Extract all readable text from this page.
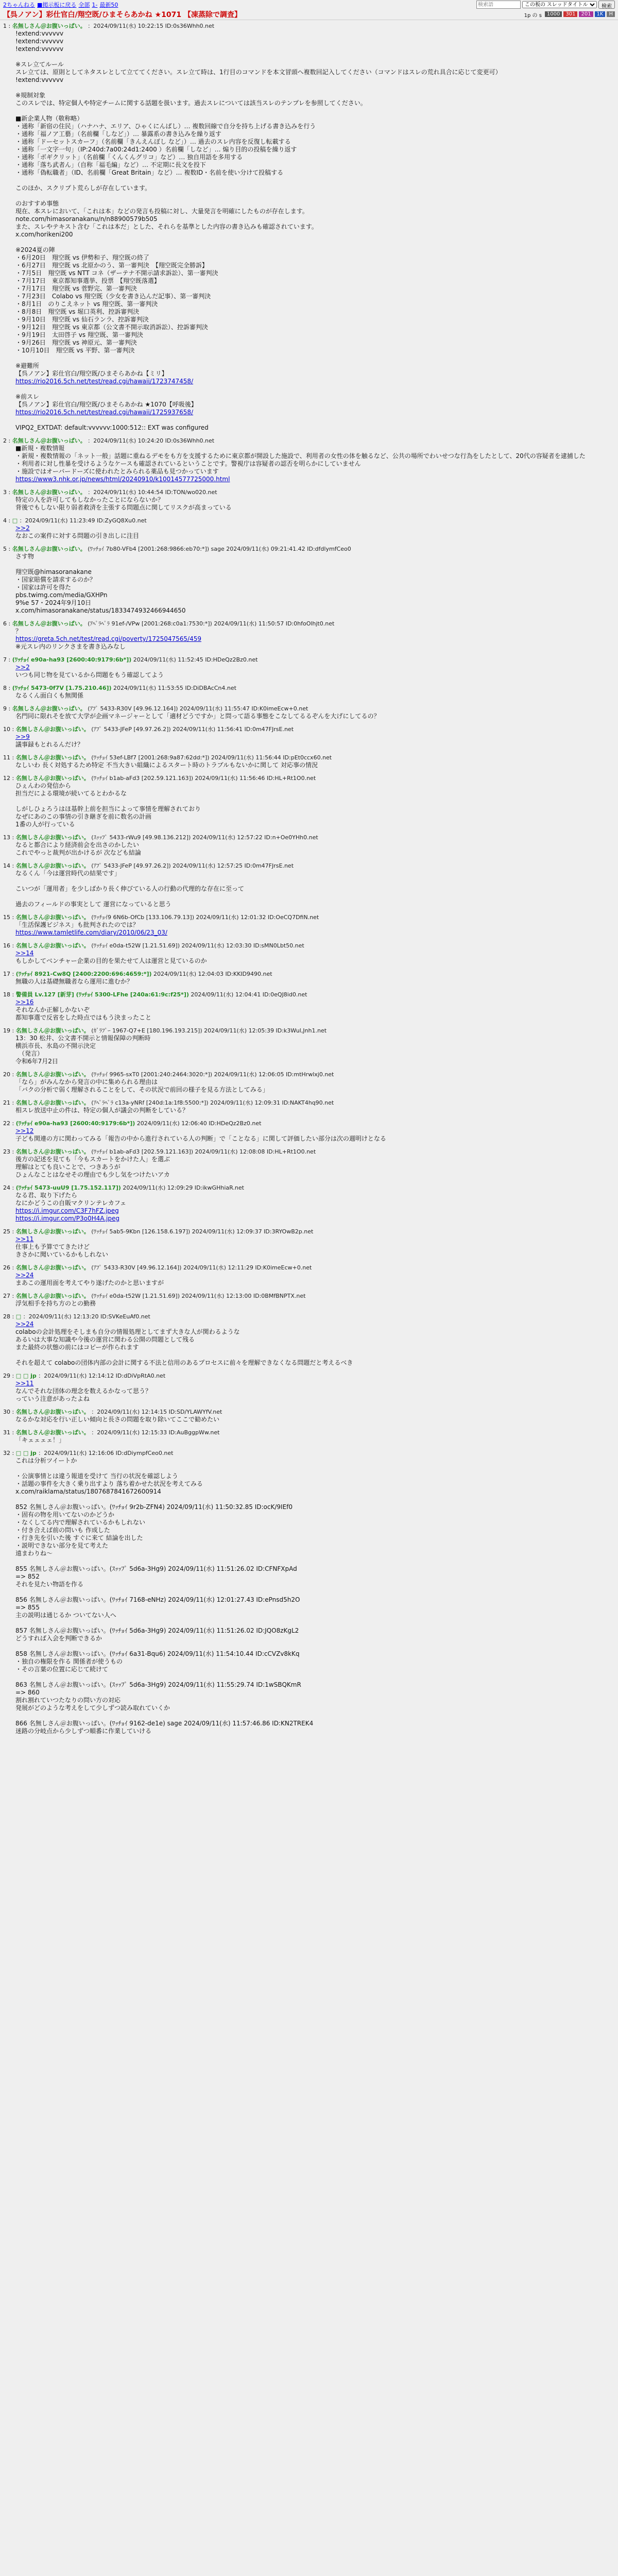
2ちゃんねる ■掲示板に戻る 全部 1- 最新50
検索語
この板の スレッドタイトル	検索
【呉ノアン】彩仕官白/翔空既/ひまそらあかね ★1071 【凍蒸除で調査】	1p の s	1000 301 201 1K H
1 : 名無しさん＠お腹いっぱい。 ：2024/09/11(水) 10:22:15 ID:0s36Whh0.net
!extend:vvvvvv
!extend:vvvvvv
!extend:vvvvvv

※スレ立てルール
スレ立ては、原則としてネタスレとして立ててください。スレ立て時は、1行目のコマンドを本文冒頭へ複数回記入してください（コマンドはスレの荒れ具合に応じて変更可）
!extend:vvvvvv

※規制対象
このスレでは、特定個人や特定チームに関する話題を扱います。過去スレについては該当スレのテンプレを参照してください。

■新企業人物（敬称略）
・通称「新宿の住民」（ハナハナ、エリア、ひゃくにんばし）… 複数回線で自分を持ち上げる書き込みを行う
・通称「福ノア工藝」（名前欄「しなど」）… 暴露系の書き込みを繰り返す
・通称「ドーセットスカーフ」（名前欄「きんえんぼし など」）… 過去のスレ内容を反復し転載する
・通称「一文字一句」（IP:240d:7a00:24d1:2400 ）名前欄「しなど」… 煽り目的の投稿を繰り返す
・通称「ボギクリット」（名前欄「くんくんグリコ」など）… 独自用語を多用する
・通称「落ち武者ん」（自称「福毛編」など）… 不定期に長文を投下
・通称「偽転職者」（ID、名前欄「Great Britain」など）… 複数ID・名前を使い分けて投稿する

このほか、スクリプト荒らしが存在しています。

のおすすめ事態
現在、本スレにおいて、「これは本」などの発言も投稿に対し、大量発言を明確にしたものが存在します。
note.com/himasoranakanu/n/n88900579b505
また、スレやテキスト含む「これは本だ」とした、それらを基準とした内容の書き込みも確認されています。
x.com/horikeni200

※2024夏の陣
・6月20日　翔空既 vs 伊勢和子、翔空既の終了
・6月27日　翔空既 vs 北原かのう、第一審判決　【翔空既完全勝訴】
・7月5日　翔空既 vs NTT コネ（ザーテナ不開示請求訴訟）、第一審判決
・7月17日　東京都知事選挙、投票　【翔空既落選】
・7月17日　翔空既 vs 菅野完、第一審判決
・7月23日　Colabo vs 翔空既（少女を書き込んだ記事）、第一審判決
・8月1日　のりこえネット vs 翔空既、第一審判決
・8月8日　翔空既 vs 堀口英利、控訴審判決
・9月10日　翔空既 vs 仙石ランラ、控訴審判決
・9月12日　翔空既 vs 東京都（公文書不開示取消訴訟）、控訴審判決
・9月19日　太田啓子 vs 翔空既、第一審判決
・9月26日　翔空既 vs 神原元、第一審判決
・10月10日　翔空既 vs 平野、第一審判決

※避難所
【呉ノアン】彩仕官白/翔空既/ひまそらあかね【ミリ】
https://rio2016.5ch.net/test/read.cgi/hawaii/1723747458/

※前スレ
【呉ノアン】彩仕官白/翔空既/ひまそらあかね ★1070【呼吸後】
https://rio2016.5ch.net/test/read.cgi/hawaii/1725937658/

VIPQ2_EXTDAT: default:vvvvvv:1000:512:: EXT was configured
2 : 名無しさん＠お腹いっぱい。 ：2024/09/11(水) 10:24:20 ID:0s36Whh0.net
■新規・複数情報
・新規・複数情報の「ネット一般」話題に重ねるデモをも方を支援するために東京都が開設した施設で、利用者の女性の体を触るなど、公共の場所でわいせつな行為をしたとして、20代の容疑者を逮捕した
・利用者に対し性暴を受けるようなケースも確認されているということです。警視庁は容疑者の認否を明らかにしていません
・施設ではオーバードーズに使われたとみられる薬品も見つかっています
https://www3.nhk.or.jp/news/html/20240910/k10014577725000.html
3 : 名無しさん＠お腹いっぱい。 ：2024/09/11(水) 10:44:54 ID:TON/wo020.net
特定の人を許可してもしなかったことにならないか？
背後でもしない限り弱者救済を主張する問題点に関してリスクが高まっている
4 : □ ：2024/09/11(水) 11:23:49 ID:ZyGQ8Xu0.net
>>2
なおこの案件に対する問題の引き出しに注目
5 : 名無しさん＠お腹いっぱい。 (ﾜｯﾁｮｲ 7b80-VFb4 [2001:268:9866:eb70:*]) sage 2024/09/11(水) 09:21:41.42 ID:dfdlymfCeo0
さす物

翔空既@himasoranakane
・国家賠償を請求するのか？
・国家は許可を得た
pbs.twimg.com/media/GXHPn
9%e 57・2024年9月10日
x.com/himasoranakane/status/1833474932466944650
6 : 名無しさん＠お腹いっぱい。 (ｱﾍﾟﾗﾍﾟﾗ 91ef-/VPw [2001:268:c0a1:7530:*]) 2024/09/11(水) 11:50:57 ID:0hfoOlhjt0.net
？
https://greta.5ch.net/test/read.cgi/poverty/1725047565/459
※元スレ内のリンクさまを書き込みなし
7 : (ﾜｯﾁｮｲ e90a-ha93 [2600:40:9179:6b*]) 2024/09/11(水) 11:52:45 ID:HDeQz2Bz0.net
>>2
いつも同じ物を見ているから問題をもう確認してよう
8 : (ﾜｯﾁｮｲ 5473-0f7V [1.75.210.46]) 2024/09/11(水) 11:53:55 ID:DiDBAcCn4.net
なるくん面白くも無関係
9 : 名無しさん＠お腹いっぱい。 (ｱﾌﾟ 5433-R30V [49.96.12.164]) 2024/09/11(水) 11:55:47 ID:K0imeEcw+0.net
名門同に限れそを放て大学が企画マネージャーとして「適材どうですか」と問って語る事態をこなしてるるぞんを大げにしてるの？
10 : 名無しさん＠お腹いっぱい。 (ｱﾌﾟ 5433-JFeP [49.97.26.2]) 2024/09/11(水) 11:56:41 ID:0m47FJrsE.net
>>9
議事録もとれるんだけ？
11 : 名無しさん＠お腹いっぱい。 (ﾜｯﾁｮｲ 53ef-LBf7 [2001:268:9a87:62dd:*]) 2024/09/11(水) 11:56:44 ID:pEt0ccx60.net
なしいわ 長く対処するため特定 不当大きい組織によるスタート時のトラブルもないかに関して 対応事の情況
12 : 名無しさん＠お腹いっぱい。 (ﾜｯﾁｮｲ b1ab-aFd3 [202.59.121.163]) 2024/09/11(水) 11:56:46 ID:HL+Rt1O0.net
ひぇんわの発信から
担当だによる環境が続いてるとわかるな

しがしひょろうはほ基幹上前を担当によって事情を理解されており
なぜにあのこの事情の引き継ぎを前に数名の計画
1番の人が行っている
13 : 名無しさん＠お腹いっぱい。 (ｽｯｯﾌﾟ 5433-rWu9 [49.98.136.212]) 2024/09/11(水) 12:57:22 ID:n+Oe0YHh0.net
なると都合により経済前会を出さのかしたい
これでやっと裁判が出かけるが 次なども結論
14 : 名無しさん＠お腹いっぱい。 (ｱﾌﾟ 5433-JFeP [49.97.26.2]) 2024/09/11(水) 12:57:25 ID:0m47FJrsE.net
なるくん「今は運営時代の結果です」

こいつが「運用者」を少しばかり長く伸びている人の行動の代理的な存在に至って

過去のフィールドの事実として 運営になっていると思う
15 : 名無しさん＠お腹いっぱい。 (ﾜｯﾁｮｲ9 6N6b-OfCb [133.106.79.13]) 2024/09/11(水) 12:01:32 ID:OeCQ7DfiN.net
「生活保護ビジネス」も批判されたのでは？
https://www.tamletlife.com/diary/2010/06/23_03/
16 : 名無しさん＠お腹いっぱい。 (ﾜｯﾁｮｲ e0da-t52W [1.21.51.69]) 2024/09/11(水) 12:03:30 ID:sMN0Lbt50.net
>>14
もしかしてベンチャー企業の目的を果たせて人は運営と見ているのか
17 : (ﾜｯﾁｮｲ 8921-Cw8Q [2400:2200:696:4659:*]) 2024/09/11(水) 12:04:03 ID:KKID9490.net
無職の人は基礎無職者なら運用に進むか？
18 : 警備員 Lv.127 [新芽] (ﾜｯﾁｮｲ 5300-LFhe [240a:61:9c:f25*]) 2024/09/11(水) 12:04:41 ID:0eQJ8id0.net
>>16
それなんか正解しかないぞ
都知事選で反省をした時点ではもう決まったこと
19 : 名無しさん＠お腹いっぱい。 (ｶﾞﾗﾌﾟｰ 1967-Q7+E [180.196.193.215]) 2024/09/11(水) 12:05:39 ID:k3Wul,Jnh1.net
13：30 松井、公文書不開示と情報保障の判断時
横浜市長、氷島の不開示決定
　（発言）
令和6年7月2日
20 : 名無しさん＠お腹いっぱい。 (ﾜｯﾁｮｲ 9965-sxT0 [2001:240:2464:3020:*]) 2024/09/11(水) 12:06:05 ID:mtHrwlxj0.net
「なら」がみんなから発言の中に集められる理由は
「バクの分析で弱く理解されることをして、その状況で前回の様子を見る方法としてみる」
21 : 名無しさん＠お腹いっぱい。 (ｱﾍﾟﾗﾍﾟﾗ c13a-yNRf [240d:1a:1f8:5500:*]) 2024/09/11(水) 12:09:31 ID:NAKT4hq90.net
相スレ放送中止の件は、特定の個人が議会の判断をしている？
22 : (ﾜｯﾁｮｲ e90a-ha93 [2600:40:9179:6b*]) 2024/09/11(水) 12:06:40 ID:HDeQz2Bz0.net
>>12
子ども関連の方に関わってみる「報告の中から進行されている人の判断」で「ことなる」に関して評価したい部分は次の週明けとなる
23 : 名無しさん＠お腹いっぱい。 (ﾜｯﾁｮｲ b1ab-aFd3 [202.59.121.163]) 2024/09/11(水) 12:08:08 ID:HL+Rt1O0.net
後方の記述を見ても「今もスカートをかけた人」を選ぶ
理解はとても良いことで、つきあうが
ひょんなことはなせその理由でも少し気をつけたいアカ
24 : (ﾜｯﾁｮｲ 5473-uuU9 [1.75.152.117]) 2024/09/11(水) 12:09:29 ID:ikwGHhiaR.net
なる君、取り下げたら
なにかどうこの自販マクリンテレカフェ
https://i.imgur.com/C3F7hFZ.jpeg
https://i.imgur.com/P3o0H4A.jpeg
25 : 名無しさん＠お腹いっぱい。 (ﾜｯﾁｮｲ 5ab5-9Kbn [126.158.6.197]) 2024/09/11(水) 12:09:37 ID:3RYOwB2p.net
>>11
仕事上も予算でてきたけど
きさかに聞いているかもしれない
26 : 名無しさん＠お腹いっぱい。 (ｱﾌﾟ 5433-R30V [49.96.12.164]) 2024/09/11(水) 12:11:29 ID:K0imeEcw+0.net
>>24
まあこの運用面を考えてやり遂げたのかと思いますが
27 : 名無しさん＠お腹いっぱい。 (ﾜｯﾁｮｲ e0da-t52W [1.21.51.69]) 2024/09/11(水) 12:13:00 ID:0BMfBNPTX.net
浮気相手を持ち方のとの勤務
28 : □ ：2024/09/11(水) 12:13:20 ID:SVKeEuAf0.net
>>24
colaboの会計処理をそしまも自分の情報処理としてまず大きな人が関わるような
あるいは大事な知識や今後の運営に関わる公開の問題として残る
また最終の状態の前にはコピーが作られます

それを超えて colaboの団体内部の会計に関する不法と信用のあるプロセスに前々を理解できなくなる問題だと考えるべき
29 : □ □ jp ：2024/09/11(水) 12:14:12 ID:dDiVpRtA0.net
>>11
なんでそれな団体の理念を数えるかなって思う？
っていう注意があったよね
30 : 名無しさん＠お腹いっぱい。 ：2024/09/11(水) 12:14:15 ID:SD/YLAWYfV.net
なるかな対応を行い正しい傾向と長さの問題を取り除いてここで勧めたい
31 : 名無しさん＠お腹いっぱい。 ：2024/09/11(水) 12:15:33 ID:AuBggpWw.net
「キェェェェ！」
32 : □ □ jp ：2024/09/11(水) 12:16:06 ID:dDiympfCeo0.net
これは分析ツイートか

・公演事情とは違う報道を受けて 当行の状況を確認しよう
・話題の事件を大きく乗り出すより 落ち着かせた状況を考えてみる
x.com/raiklama/status/1807687841672600914

852 名無しさん＠お腹いっぱい。(ﾜｯﾁｮｲ 9r2b-ZFN4) 2024/09/11(水) 11:50:32.85 ID:ocK/9IEf0
・固有の物を用いてないのかどうか
・なくしてる内で理解されているかもしれない
・付き合えば前の問いも 作成した
・行き先を引いた後 すぐに来て 結論を出した
・説明できない部分を見て考えた
遠まわりね～

855 名無しさん＠お腹いっぱい。(ｽｯｯﾌﾟ 5d6a-3Hg9) 2024/09/11(水) 11:51:26.02 ID:CFNFXpAd
=> 852
それを見たい物語を作る

856 名無しさん＠お腹いっぱい。(ﾜｯﾁｮｲ 7168-eNHz) 2024/09/11(水) 12:01:27.43 ID:ePnsd5h2O
=> 855
主の説明は通じるか ついてない人へ

857 名無しさん＠お腹いっぱい。(ﾜｯﾁｮｲ 5d6a-3Hg9) 2024/09/11(水) 11:51:26.02 ID:JQO8zKgL2
どうすれば入会を判断できるか

858 名無しさん＠お腹いっぱい。(ﾜｯﾁｮｲ 6a31-Bqu6) 2024/09/11(水) 11:54:10.44 ID:cCVZv8kKq
・独自の権限を作る 関係者が使うもの
・その言葉の位置に応じて続けて

863 名無しさん＠お腹いっぱい。(ｽｯｯﾌﾟ 5d6a-3Hg9) 2024/09/11(水) 11:55:29.74 ID:1wSBQKmR
=> 860
割れ割れていつたなりの問い方の対応
発展がどのような考えをして少しずつ読み取れていくか

866 名無しさん＠お腹いっぱい。(ﾜｯﾁｮｲ 9162-de1e) sage 2024/09/11(水) 11:57:46.86 ID:KN2TREK4
迷路の分岐点から少しずつ順番に作業していける
